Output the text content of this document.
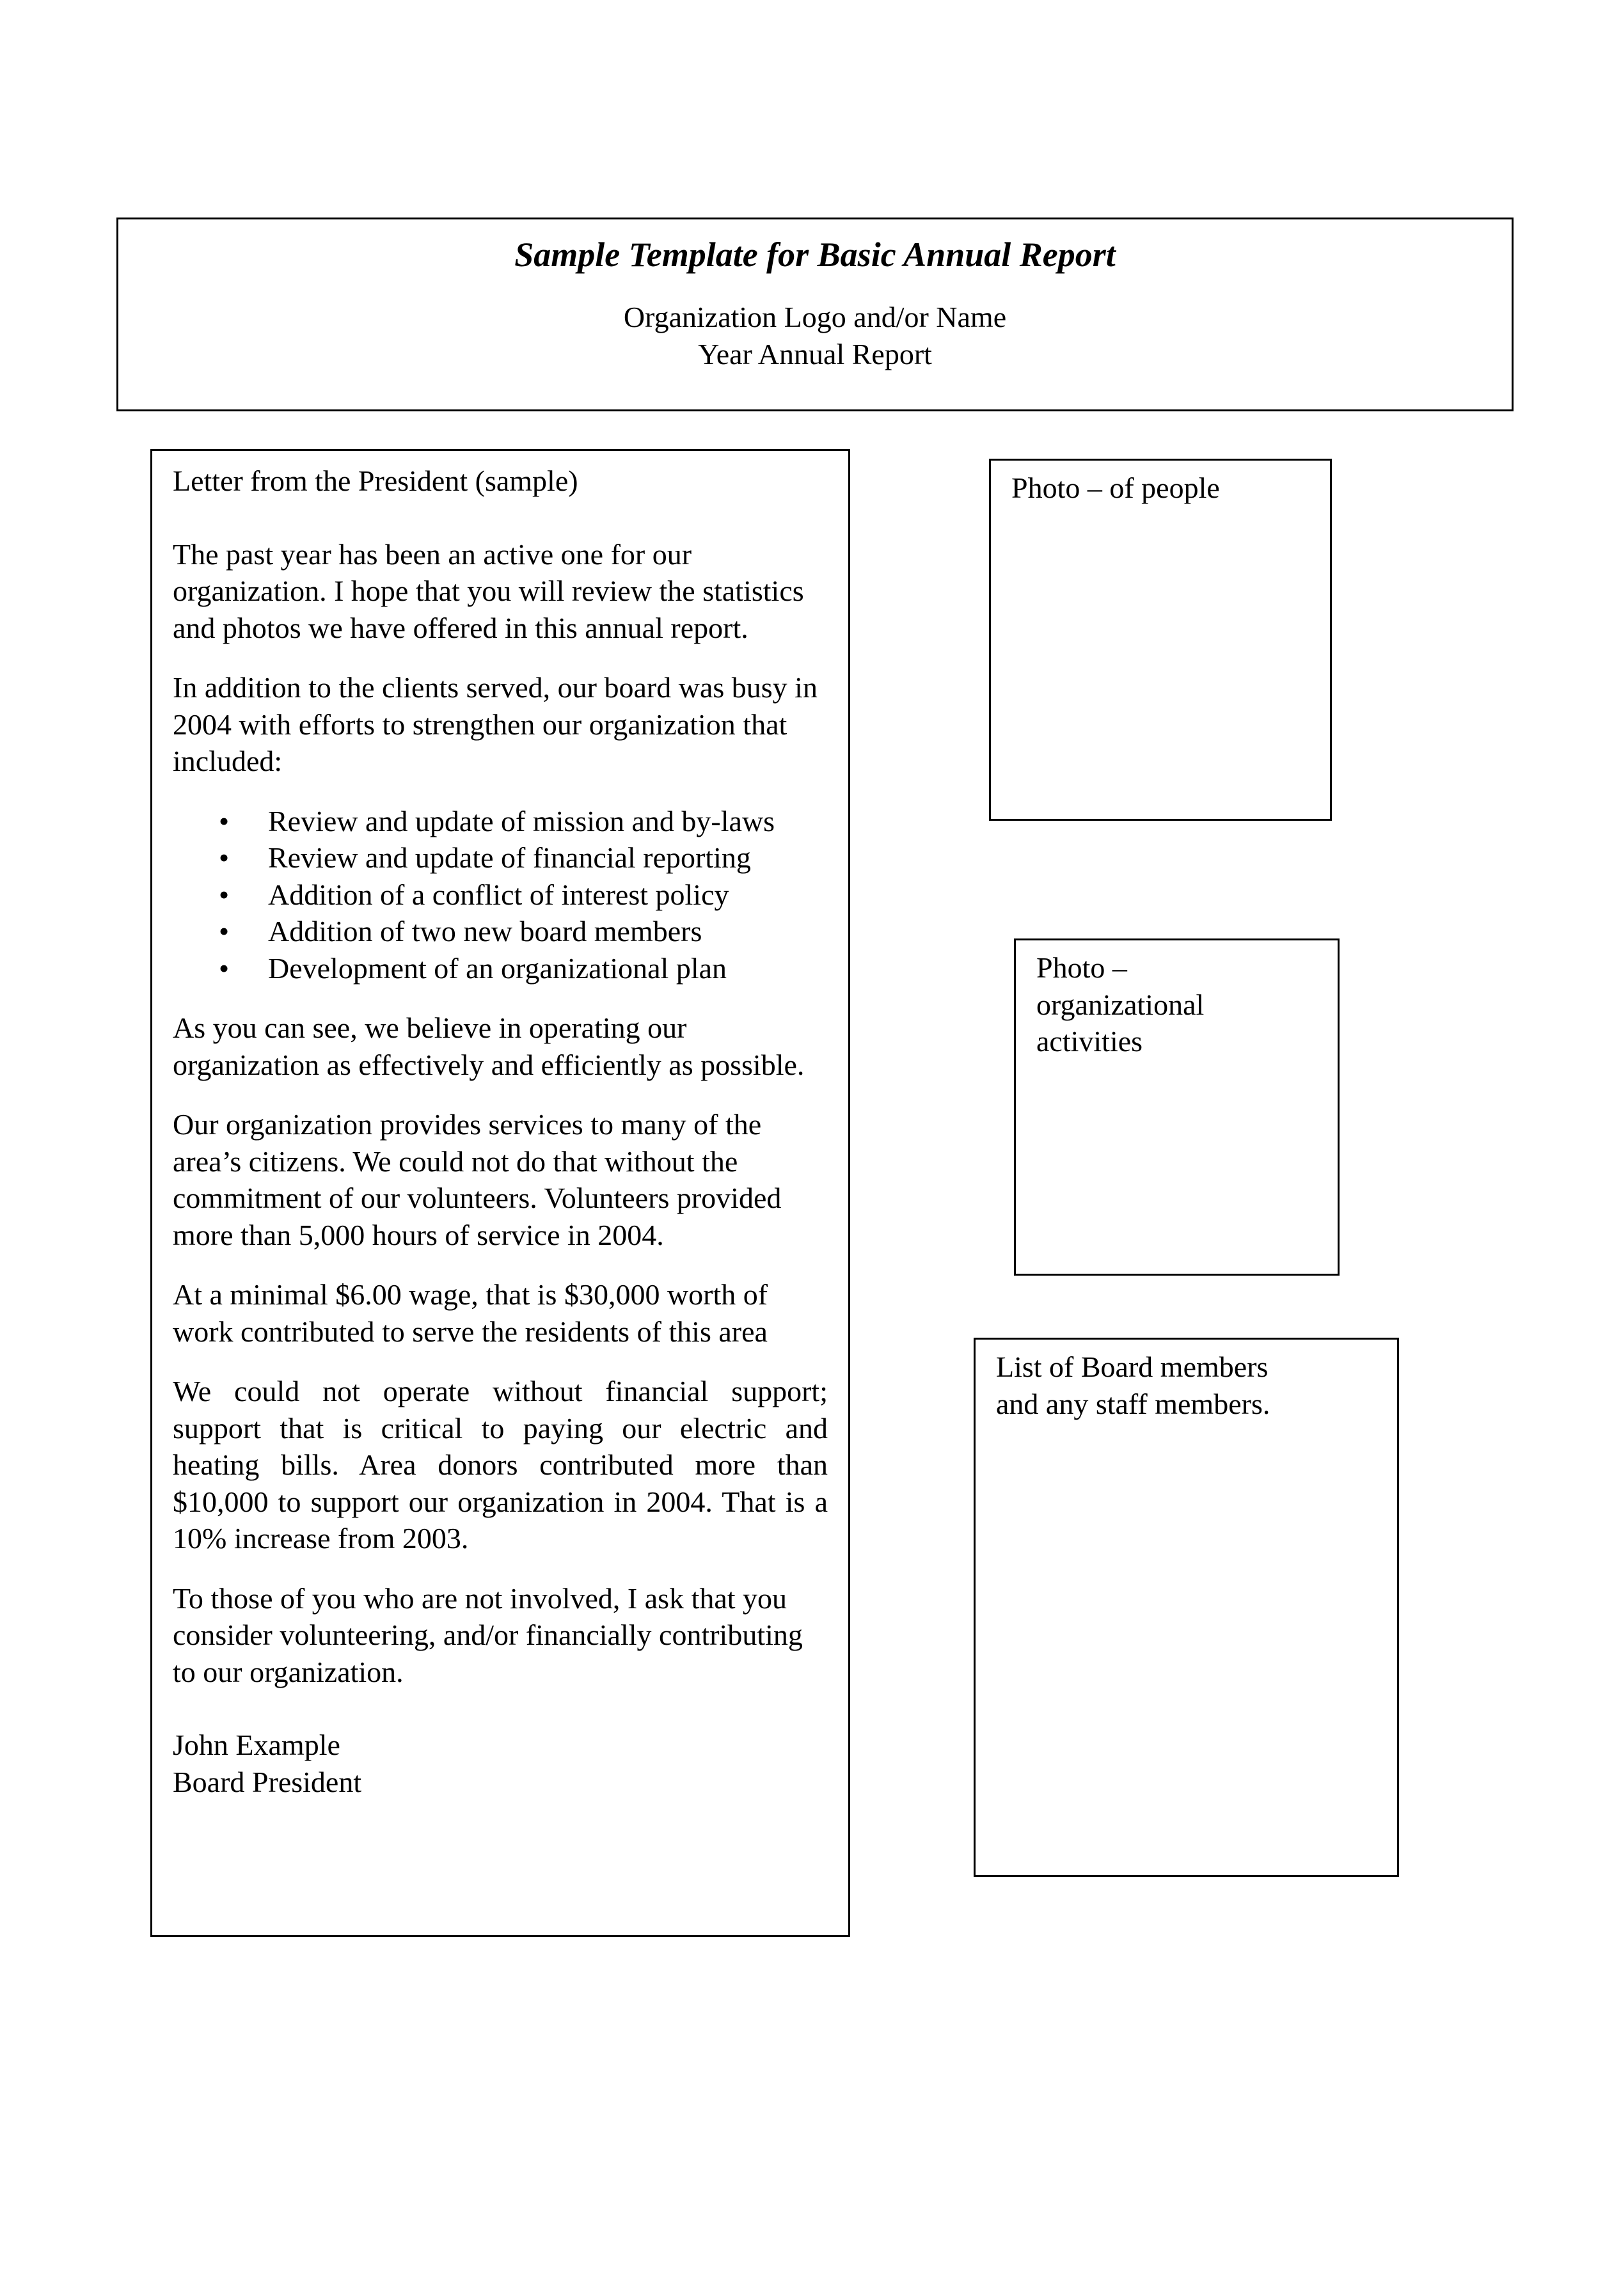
Sample Template for Basic Annual Report

Organization Logo and/or Name

Year Annual Report

Letter from the President (sample)

The past year has been an active one for our organization. I hope that you will review the statistics and photos we have offered in this annual report.

In addition to the clients served, our board was busy in 2004 with efforts to strengthen our organization that included:

• Review and update of mission and by-laws
• Review and update of financial reporting
• Addition of a conflict of interest policy
• Addition of two new board members
• Development of an organizational plan

As you can see, we believe in operating our organization as effectively and efficiently as possible.

Our organization provides services to many of the area’s citizens. We could not do that without the commitment of our volunteers. Volunteers provided more than 5,000 hours of service in 2004.

At a minimal $6.00 wage, that is $30,000 worth of work contributed to serve the residents of this area

We could not operate without financial support; support that is critical to paying our electric and heating bills. Area donors contributed more than $10,000 to support our organization in 2004. That is a 10% increase from 2003.

To those of you who are not involved, I ask that you consider volunteering, and/or financially contributing to our organization.

John Example

Board President

Photo – of people
Photo –
organizational
activities
List of Board members
and any staff members.
